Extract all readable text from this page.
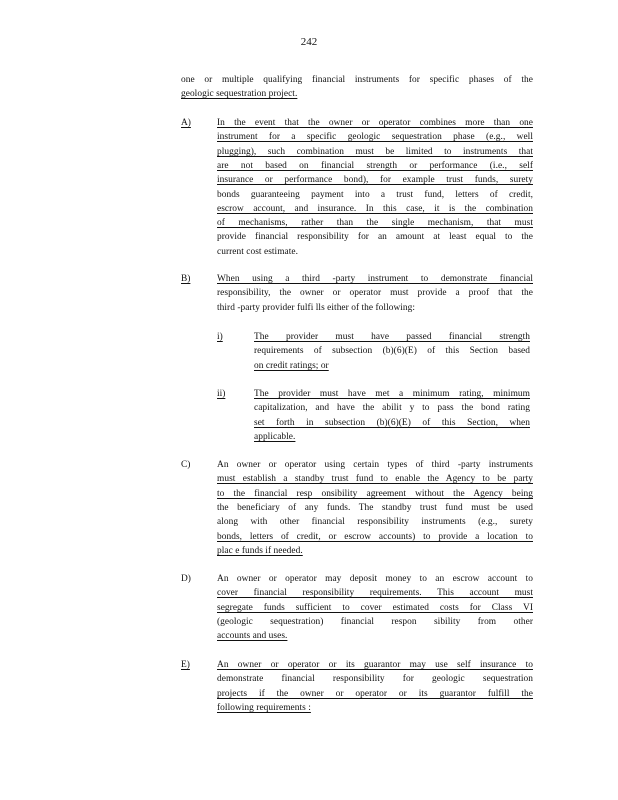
242
one or multiple qualifying financial instruments for specific phases of the
geologic sequestration project.
A)	In the event that the owner or operator combines more than one
instrument for a specific geologic sequestration phase (e.g., well
plugging), such combination must be limited to instruments that
are not based on financial strength or performance (i.e., self
insurance or performance bond), for example trust funds, surety
bonds guaranteeing payment into a trust fund, letters of credit,
escrow account, and insurance. In this case, it is the combination
of mechanisms, rather than the single mechanism, that must
provide financial responsibility for an amount at least equal to the
current cost estimate.
B)	When using a third -party instrument to demonstrate financial
responsibility, the owner or operator must provide a proof that the
third -party provider fulfi lls either of the following:
i)	The provider must have passed financial strength
requirements of subsection (b)(6)(E) of this Section based
on credit ratings; or
ii)	The provider must have met a minimum rating, minimum
capitalization, and have the abilit y to pass the bond rating
set forth in subsection (b)(6)(E) of this Section, when
applicable.
C)	An owner or operator using certain types of third -party instruments
must establish a standby trust fund to enable the Agency to be party
to the financial resp onsibility agreement without the Agency being
the beneficiary of any funds. The standby trust fund must be used
along with other financial responsibility instruments (e.g., surety
bonds, letters of credit, or escrow accounts) to provide a location to
plac e funds if needed.
D)	An owner or operator may deposit money to an escrow account to
cover financial responsibility requirements. This account must
segregate funds sufficient to cover estimated costs for Class VI
(geologic sequestration) financial respon sibility from other
accounts and uses.
E)	An owner or operator or its guarantor may use self insurance to
demonstrate financial responsibility for geologic sequestration
projects if the owner or operator or its guarantor fulfill the
following requirements :
